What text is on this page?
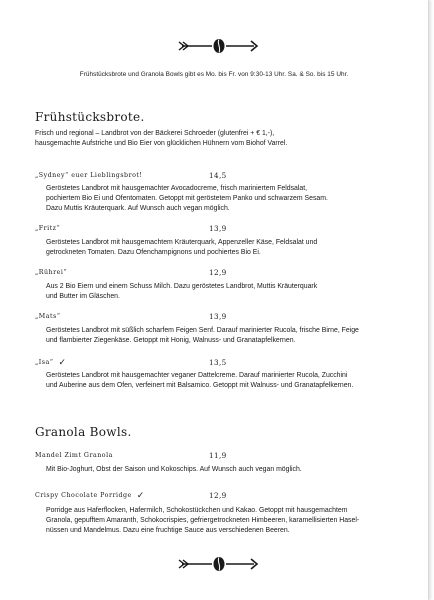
Frühstücksbrote und Granola Bowls gibt es Mo. bis Fr. von 9:30-13 Uhr. Sa. & So. bis 15 Uhr.
Frühstücksbrote.
Frisch und regional – Landbrot von der Bäckerei Schroeder (glutenfrei + € 1,-),
hausgemachte Aufstriche und Bio Eier von glücklichen Hühnern vom Biohof Varrel.
„Sydney“ euer Lieblingsbrot!	14,5
Geröstetes Landbrot mit hausgemachter Avocadocreme, frisch mariniertem Feldsalat,
pochiertem Bio Ei und Ofentomaten. Getoppt mit geröstetem Panko und schwarzem Sesam.
Dazu Muttis Kräuterquark. Auf Wunsch auch vegan möglich.
„Fritz“	13,9
Geröstetes Landbrot mit hausgemachtem Kräuterquark, Appenzeller Käse, Feldsalat und
getrockneten Tomaten. Dazu Ofenchampignons und pochiertes Bio Ei.
„Rührei“	12,9
Aus 2 Bio Eiern und einem Schuss Milch. Dazu geröstetes Landbrot, Muttis Kräuterquark
und Butter im Gläschen.
„Mats“	13,9
Geröstetes Landbrot mit süßlich scharfem Feigen Senf. Darauf marinierter Rucola, frische Birne, Feige
und flambierter Ziegenkäse. Getoppt mit Honig, Walnuss- und Granatapfelkernen.
„Isa“ ✓	13,5
Geröstetes Landbrot mit hausgemachter veganer Dattelcreme. Darauf marinierter Rucola, Zucchini
und Auberine aus dem Ofen, verfeinert mit Balsamico. Getoppt mit Walnuss- und Granatapfelkernen.
Granola Bowls.
Mandel Zimt Granola	11,9
Mit Bio-Joghurt, Obst der Saison und Kokoschips. Auf Wunsch auch vegan möglich.
Crispy Chocolate Porridge ✓	12,9
Porridge aus Haferflocken, Hafermilch, Schokostückchen und Kakao. Getoppt mit hausgemachtem
Granola, gepufftem Amaranth, Schokocrispies, gefriergetrockneten Himbeeren, karamellisierten Hasel-
nüssen und Mandelmus. Dazu eine fruchtige Sauce aus verschiedenen Beeren.
